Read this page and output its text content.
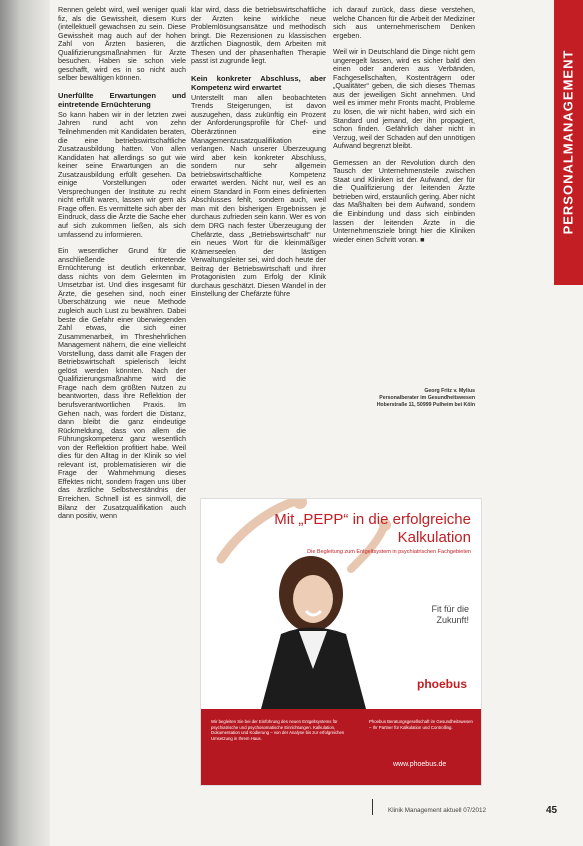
Rennen gelebt wird, weil weniger quali fiz, als die Gewissheit, diesem Kurs (intellektuell gewachsen zu sein. Diese Gewissheit mag auch auf der hohen Zahl von Ärzten basieren, die Qualifizierungsmaßnahmen für Ärzte besuchen. Haben sie schon viele geschafft, wird es in so nicht auch selber bewältigen können.

Unerfüllte Erwartungen und eintretende Ernüchterung

So kann haben wir in der letzten zwei Jahren rund acht von zehn Teilnehmenden mit Kandidaten beraten, die eine betriebswirtschaftliche Zusatzausbildung hatten. Von allen Kandidaten hat allerdings so gut wie keiner seine Erwartungen an die Zusatzausbildung erfüllt gesehen. Da einige Vorstellungen oder Versprechungen der Institute zu recht nicht erfüllt waren, lassen wir gern als Frage offen. Es vermittelte sich aber der Eindruck, dass die Ärzte die Sache eher auf sich zukommen ließen, als sich umfassend zu informieren.

Ein wesentlicher Grund für die anschließende eintretende Ernüchterung ist deutlich erkennbar, dass nichts von dem Gelernten im Umsetzbar ist. Und dies insgesamt für Ärzte, die gesehen sind, noch einer Überschätzung wie neue Methode zugleich auch Lust zu bewähren. Dabei beste die Gefahr einer überwiegenden Zahl etwas, die sich einer Zusammenarbeit, im Threshehrlichen Management nähern, die eine vielleicht Vorstellung, dass damit alle Fragen der Betriebswirtschaft spielerisch leicht gelöst werden könnten. Nach der Qualifizierungsmaßnahme wird die Frage nach dem größten Nutzen zu beantworten, dass ihre Reflektion der berufsverantwortlichen Praxis. Im Gehen nach, was fordert die Distanz, dann bleibt die ganz eindeutige Rückmeldung, dass von allem die Führungskompetenz ganz wesentlich von der Reflektion profitiert habe. Weil dies für den Alltag in der Klinik so viel relevant ist, problematisieren wir die Frage der Wahrnehmung dieses Effektes nicht, sondern fragen uns über das ärztliche Selbstverständnis der Erreichen. Schnell ist es sinnvoll, die Bilanz der Zusatzqualifikation auch dann positiv, wenn

klar wird, dass die betriebswirtschaftliche der Ärzten keine wirkliche neue Problemlösungsansätze und methodisch bringt. Die Rezensionen zu klassischen ärztlichen Diagnostik, dem Arbeiten mit Thesen und der phasenhaften Therapie passt ist zugrunde liegt.

Kein konkreter Abschluss, aber Kompetenz wird erwartet

Unterstellt man allen beobachteten Trends Steigerungen, ist davon auszugehen, dass zukünftig ein Prozent der Anforderungsprofile für Chef- und Oberärztinnen eine Managementzusatzqualifikation verlangen. Nach unserer Überzeugung wird aber kein konkreter Abschluss, sondern nur sehr allgemein betriebswirtschaftliche Kompetenz erwartet werden. Nicht nur, weil es an einem Standard in Form eines definierten Abschlusses fehlt, sondern auch, weil man mit den bisherigen Ergebnissen je durchaus zufrieden sein kann. Wer es von dem DRG nach fester Überzeugung der Chefärzte, dass „Betriebswirtschaft“ nur ein neues Wort für die kleinmäßiger Krämerseelen der lästigen Verwaltungsleiter sei, wird doch heute der Beitrag der Betriebswirtschaft und ihrer Protagonisten zum Erfolg der Klinik durchaus geschätzt. Diesen Wandel in der Einstellung der Chefärzte führe

ich darauf zurück, dass diese verstehen, welche Chancen für die Arbeit der Mediziner sich aus unternehmerischem Denken ergeben.

Weil wir in Deutschland die Dinge nicht gern ungeregelt lassen, wird es sicher bald den einen oder anderen aus Verbänden, Fachgesellschaften, Kostenträgern oder „Qualitäter“ geben, die sich dieses Themas aus der jeweiligen Sicht annehmen. Und weil es immer mehr Fronts macht, Probleme zu lösen, die wir nicht haben, wird sich ein Standard und jemand, der ihn propagiert, schon finden. Gefährlich daher nicht in Verzug, weil der Schaden auf den unnötigen Aufwand begrenzt bleibt.

Gemessen an der Revolution durch den Tausch der Unternehmensteile zwischen Staat und Kliniken ist der Aufwand, der für die Qualifizierung der leitenden Ärzte betrieben wird, erstaunlich gering. Aber nicht das Maßhalten bei dem Aufwand, sondern die Einbindung und dass sich einbinden lassen der leitenden Ärzte in die Unternehmensziele bringt hier die Kliniken wieder einen Schritt voran. ■

PERSONALMANAGEMENT
Georg Fritz v. Mylius
Personalberater im Gesundheitswesen
Hoberstraße 11, 50999 Pulheim bei Köln
Mit „PEPP“ in die erfolgreiche Kalkulation
Die Begleitung zum Entgeltsystem in psychiatrischen Fachgebieten
Fit für die Zukunft!
phoebus
Wir begleiten Sie bei der Einführung des neuen Entgeltsystems für psychiatrische und psychosomatische Einrichtungen. Kalkulation, Dokumentation und Kodierung – von der Analyse bis zur erfolgreichen Umsetzung in Ihrem Haus.
Phoebus Beratungsgesellschaft im Gesundheitswesen – Ihr Partner für Kalkulation und Controlling.
www.phoebus.de
Klinik Management aktuell 07/2012	45
